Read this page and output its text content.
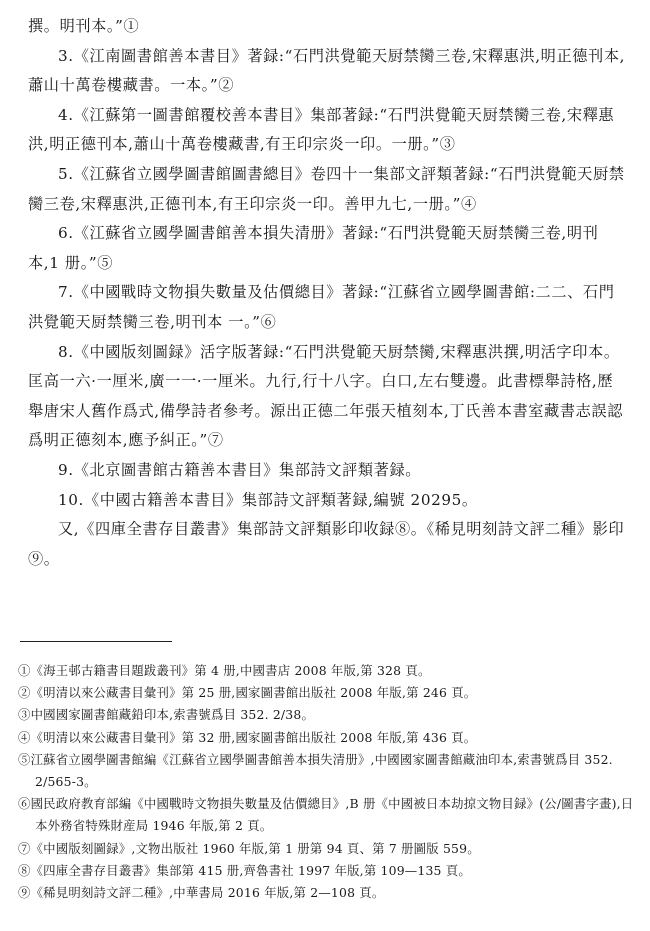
撰。明刊本。”①

3.《江南圖書館善本書目》著録:“石門洪覺範天厨禁臠三卷,宋釋惠洪,明正德刊本,蕭山十萬卷樓藏書。一本。”②

4.《江蘇第一圖書館覆校善本書目》集部著録:“石門洪覺範天厨禁臠三卷,宋釋惠洪,明正德刊本,蕭山十萬卷樓藏書,有王印宗炎一印。一册。”③

5.《江蘇省立國學圖書館圖書總目》卷四十一集部文評類著録:“石門洪覺範天厨禁臠三卷,宋釋惠洪,正德刊本,有王印宗炎一印。善甲九七,一册。”④

6.《江蘇省立國學圖書館善本損失清册》著録:“石門洪覺範天厨禁臠三卷,明刊本,1 册。”⑤

7.《中國戰時文物損失數量及估價總目》著録:“江蘇省立國學圖書館:二二、石門洪覺範天厨禁臠三卷,明刊本 一。”⑥

8.《中國版刻圖録》活字版著録:“石門洪覺範天厨禁臠,宋釋惠洪撰,明活字印本。匡高一六·一厘米,廣一一·一厘米。九行,行十八字。白口,左右雙邊。此書標舉詩格,歷舉唐宋人舊作爲式,備學詩者參考。源出正德二年張天植刻本,丁氏善本書室藏書志誤認爲明正德刻本,應予糾正。”⑦

9.《北京圖書館古籍善本書目》集部詩文評類著録。

10.《中國古籍善本書目》集部詩文評類著録,編號 20295。

又,《四庫全書存目叢書》集部詩文評類影印收録⑧。《稀見明刻詩文評二種》影印⑨。

①《海王邨古籍書目題跋叢刊》第 4 册,中國書店 2008 年版,第 328 頁。

②《明清以來公藏書目彙刊》第 25 册,國家圖書館出版社 2008 年版,第 246 頁。

③中國國家圖書館藏鉛印本,索書號爲目 352. 2/38。

④《明清以來公藏書目彙刊》第 32 册,國家圖書館出版社 2008 年版,第 436 頁。

⑤江蘇省立國學圖書館編《江蘇省立國學圖書館善本損失清册》,中國國家圖書館藏油印本,索書號爲目 352. 2/565-3。

⑥國民政府教育部編《中國戰時文物損失數量及估價總目》,B 册《中國被日本劫掠文物目録》(公/圖書字畫),日本外務省特殊財産局 1946 年版,第 2 頁。

⑦《中國版刻圖録》,文物出版社 1960 年版,第 1 册第 94 頁、第 7 册圖版 559。

⑧《四庫全書存目叢書》集部第 415 册,齊魯書社 1997 年版,第 109—135 頁。

⑨《稀見明刻詩文評二種》,中華書局 2016 年版,第 2—108 頁。
